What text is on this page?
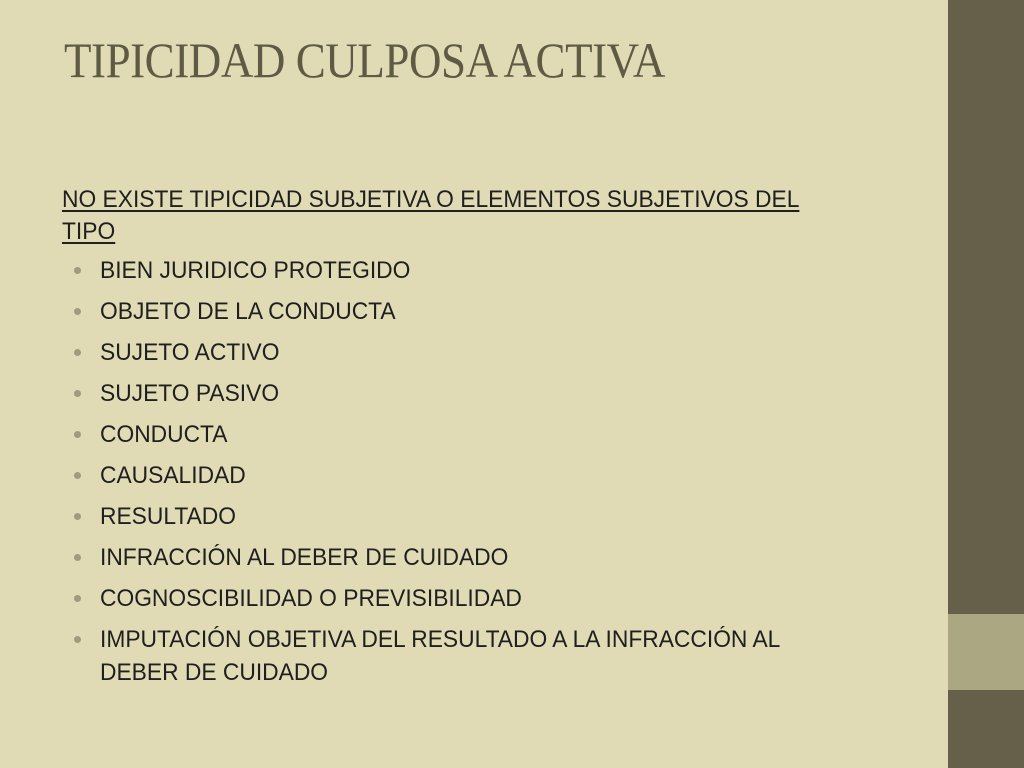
TIPICIDAD CULPOSA ACTIVA

NO EXISTE TIPICIDAD SUBJETIVA O ELEMENTOS SUBJETIVOS DEL TIPO

BIEN JURIDICO PROTEGIDO
OBJETO DE LA CONDUCTA
SUJETO ACTIVO
SUJETO PASIVO
CONDUCTA
CAUSALIDAD
RESULTADO
INFRACCIÓN AL DEBER DE CUIDADO
COGNOSCIBILIDAD O PREVISIBILIDAD
IMPUTACIÓN OBJETIVA DEL RESULTADO A LA INFRACCIÓN AL DEBER DE CUIDADO
